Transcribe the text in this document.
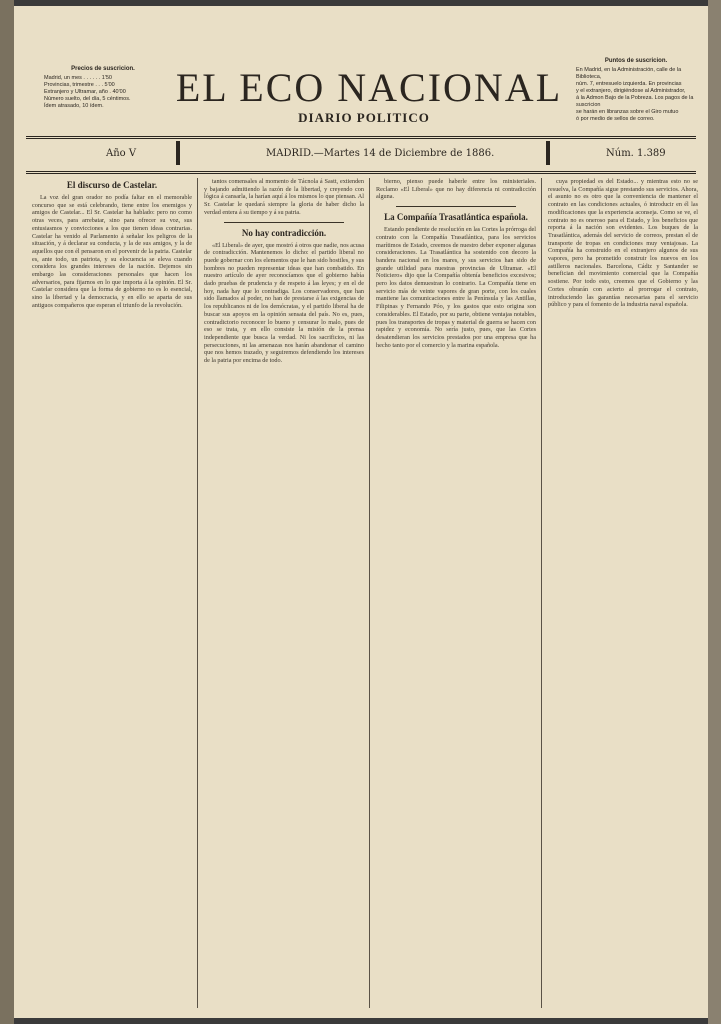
Precios de suscricion.
Madrid, un mes . . . . . . 1'50
Provincias, trimestre . . . 5'00
Extranjero y Ultramar, año . 40'00
Número suelto, del día, 5 céntimos.
Ídem atrasado, 10 ídem.	EL ECO NACIONAL
DIARIO POLITICO
Puntos de suscricion.
En Madrid, en la Administración, calle de la Biblioteca,
núm. 7, entresuelo izquierda. En provincias
y el extranjero, dirigiéndose al Administrador,
á la Admon Bajo de la Pobreza. Los pagos de la suscricion
se harán en libranzas sobre el Giro mutuo
ó por medio de sellos de correo.
Año V	MADRID.—Martes 14 de Diciembre de 1886.	Núm. 1.389
El discurso de Castelar.

La voz del gran orador no podía faltar en el memorable concurso que se está celebrando, tiene entre los enemigos y amigos de Castelar... El Sr. Castelar ha hablado: pero no como otras veces, para arrebatar, sino para ofrecer su voz, sus entusiasmos y convicciones a los que tienen ideas contrarias. Castelar ha venido al Parlamento á señalar los peligros de la situación, y á declarar su conducta, y la de sus amigos, y la de aquellos que con él pensaron en el porvenir de la patria. Castelar es, ante todo, un patriota, y su elocuencia se eleva cuando considera los grandes intereses de la nación. Dejemos sin embargo las consideraciones personales que hacen los adversarios, para fijarnos en lo que importa á la opinión. El Sr. Castelar considera que la forma de gobierno no es lo esencial, sino la libertad y la democracia, y en ello se aparta de sus antiguos compañeros que esperan el triunfo de la revolución.

tantos comensales al momento de Tácnola á Sastt, extienden y bajando admitiendo la razón de la libertad, y creyendo con lógica á cansarla, la harían aquí á los mismos lo que piensan. Al Sr. Castelar le quedará siempre la gloria de haber dicho la verdad entera á su tiempo y á su patria.

No hay contradicción.

«El Liberal» de ayer, que mostró á otros que nadie, nos acusa de contradicción. Mantenemos lo dicho: el partido liberal no puede gobernar con los elementos que le han sido hostiles, y sus hombres no pueden representar ideas que han combatido. En nuestro artículo de ayer reconocíamos que el gobierno había dado pruebas de prudencia y de respeto á las leyes; y en el de hoy, nada hay que lo contradiga. Los conservadores, que han sido llamados al poder, no han de prestarse á las exigencias de los republicanos ni de los demócratas, y el partido liberal ha de buscar sus apoyos en la opinión sensata del país. No es, pues, contradictorio reconocer lo bueno y censurar lo malo, pues de eso se trata, y en ello consiste la misión de la prensa independiente que busca la verdad. Ni los sacrificios, ni las persecuciones, ni las amenazas nos harán abandonar el camino que nos hemos trazado, y seguiremos defendiendo los intereses de la patria por encima de todo.

bierno, pienso puede haberle entre los ministeriales. Reclamo «El Liberal» que no hay diferencia ni contradicción alguna.

La Compañía Trasatlántica española.

Estando pendiente de resolución en las Cortes la prórroga del contrato con la Compañía Trasatlántica, para los servicios marítimos de Estado, creemos de nuestro deber exponer algunas consideraciones. La Trasatlántica ha sostenido con decoro la bandera nacional en los mares, y sus servicios han sido de grande utilidad para nuestras provincias de Ultramar. «El Noticiero» dijo que la Compañía obtenía beneficios excesivos; pero los datos demuestran lo contrario. La Compañía tiene en servicio más de veinte vapores de gran porte, con los cuales mantiene las comunicaciones entre la Península y las Antillas, Filipinas y Fernando Póo, y los gastos que esto origina son considerables. El Estado, por su parte, obtiene ventajas notables, pues los transportes de tropas y material de guerra se hacen con rapidez y economía. No sería justo, pues, que las Cortes desatendieran los servicios prestados por una empresa que ha hecho tanto por el comercio y la marina española.

cuya propiedad es del Estado... y mientras esto no se resuelva, la Compañía sigue prestando sus servicios. Ahora, el asunto no es otro que la conveniencia de mantener el contrato en las condiciones actuales, ó introducir en él las modificaciones que la experiencia aconseja. Como se ve, el contrato no es oneroso para el Estado, y los beneficios que reporta á la nación son evidentes. Los buques de la Trasatlántica, además del servicio de correos, prestan el de transporte de tropas en condiciones muy ventajosas. La Compañía ha construido en el extranjero algunos de sus vapores, pero ha prometido construir los nuevos en los astilleros nacionales. Barcelona, Cádiz y Santander se benefician del movimiento comercial que la Compañía sostiene. Por todo esto, creemos que el Gobierno y las Cortes obrarán con acierto al prorrogar el contrato, introduciendo las garantías necesarias para el servicio público y para el fomento de la industria naval española.
